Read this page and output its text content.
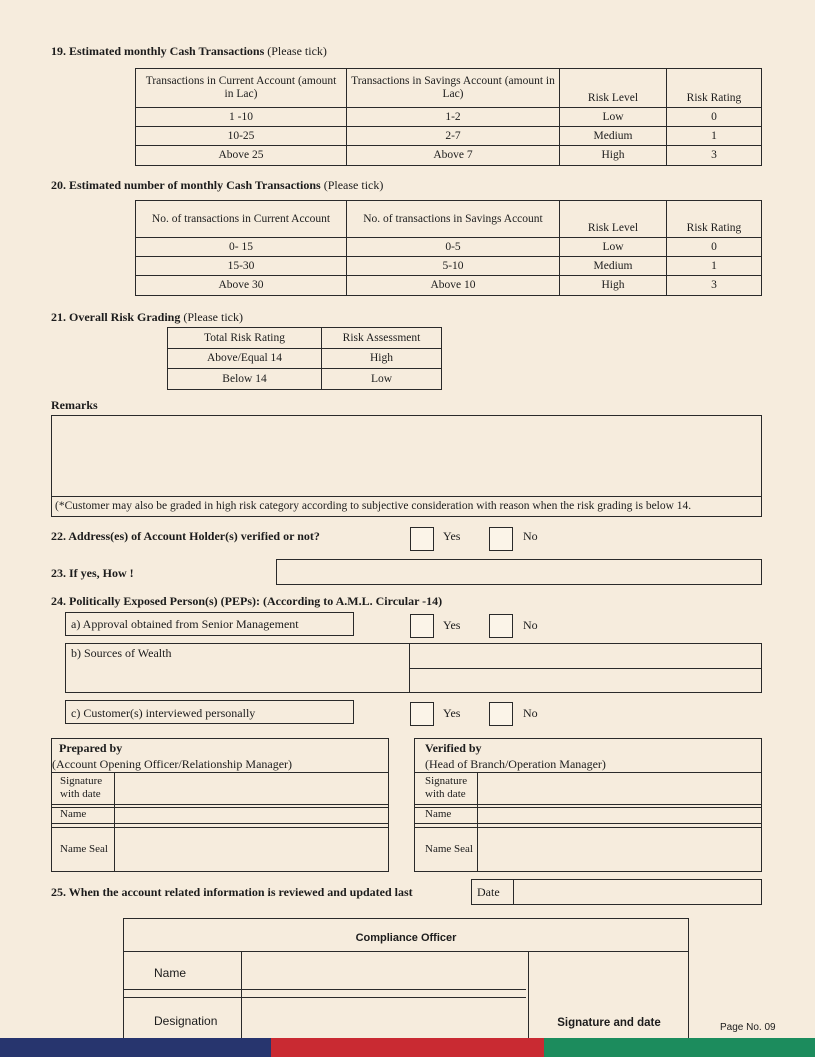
19. Estimated monthly Cash Transactions (Please tick)
Transactions in Current Account (amount in Lac)	Transactions in Savings Account (amount in Lac)	Risk Level	Risk Rating
1 -10	1-2	Low	0
10-25	2-7	Medium	1
Above 25	Above 7	High	3
20. Estimated number of monthly Cash Transactions (Please tick)
No. of transactions in Current Account	No. of transactions in Savings Account	Risk Level	Risk Rating
0- 15	0-5	Low	0
15-30	5-10	Medium	1
Above 30	Above 10	High	3
21. Overall Risk Grading (Please tick)
Total Risk Rating	Risk Assessment
Above/Equal 14	High
Below 14	Low
Remarks
(*Customer may also be graded in high risk category according to subjective consideration with reason when the risk grading is below 14.
22. Address(es) of Account Holder(s) verified or not?	Yes	No
23. If yes, How !
24. Politically Exposed Person(s) (PEPs): (According to A.M.L. Circular -14)
a) Approval obtained from Senior Management	Yes	No
b) Sources of Wealth
c) Customer(s) interviewed personally	Yes	No
Prepared by
(Account Opening Officer/Relationship Manager)
Signature
with date
Name
Name Seal
Verified by
(Head of Branch/Operation Manager)
Signature
with date
Name
Name Seal
25. When the account related information is reviewed and updated last	Date
Compliance Officer
Name
Designation	Signature and date	Page No. 09
